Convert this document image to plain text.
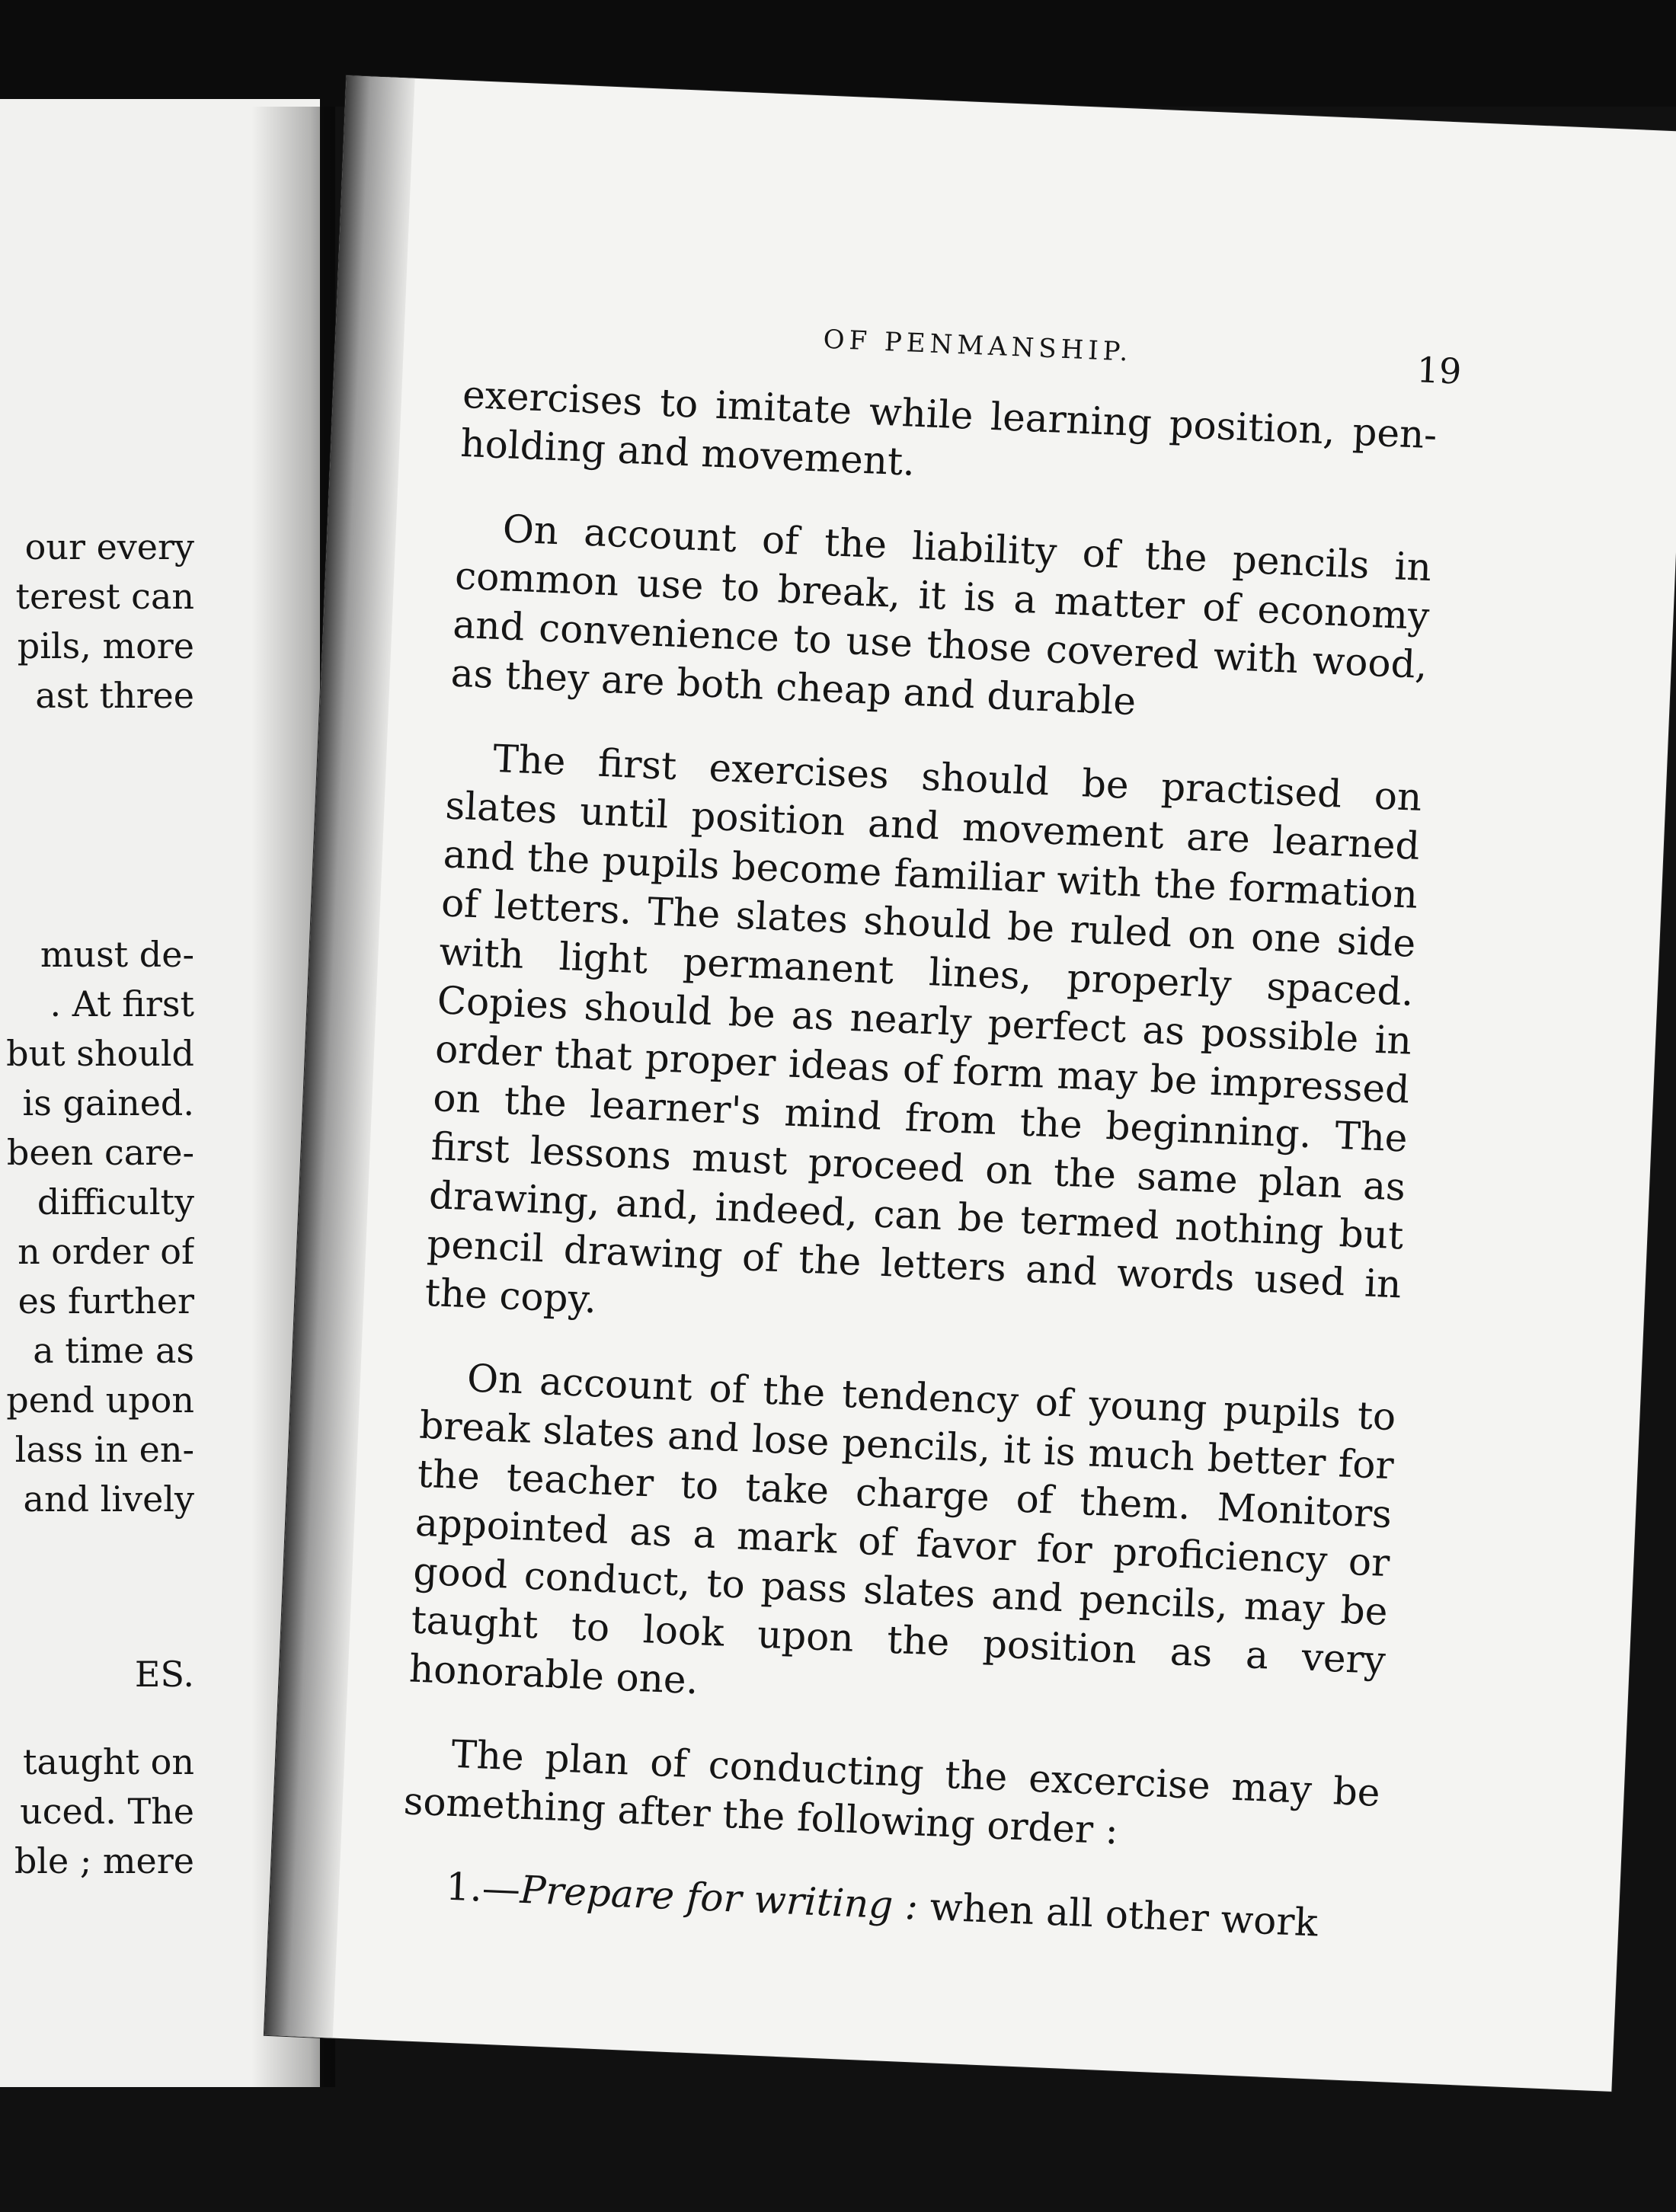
our every
terest can
pils, more
ast three
must de-
. At first
but should
is gained.
been care-
difficulty
n order of
es further
a time as
pend upon
lass in en-
and lively
ES.
taught on
uced. The
ble ; mere
OF PENMANSHIP.
19

exercises to imitate while learning position, pen-holding and movement.

On account of the liability of the pencils in common use to break, it is a matter of economy and convenience to use those covered with wood, as they are both cheap and durable

The first exercises should be practised on slates until position and movement are learned and the pupils become familiar with the formation of letters. The slates should be ruled on one side with light permanent lines, properly spaced. Copies should be as nearly perfect as possible in order that proper ideas of form may be impressed on the learner's mind from the beginning. The first lessons must proceed on the same plan as drawing, and, indeed, can be termed nothing but pencil drawing of the letters and words used in the copy.

On account of the tendency of young pupils to break slates and lose pencils, it is much better for the teacher to take charge of them. Monitors appointed as a mark of favor for proficiency or good conduct, to pass slates and pencils, may be taught to look upon the position as a very honorable one.

The plan of conducting the excercise may be something after the following order :

1.—Prepare for writing : when all other work
